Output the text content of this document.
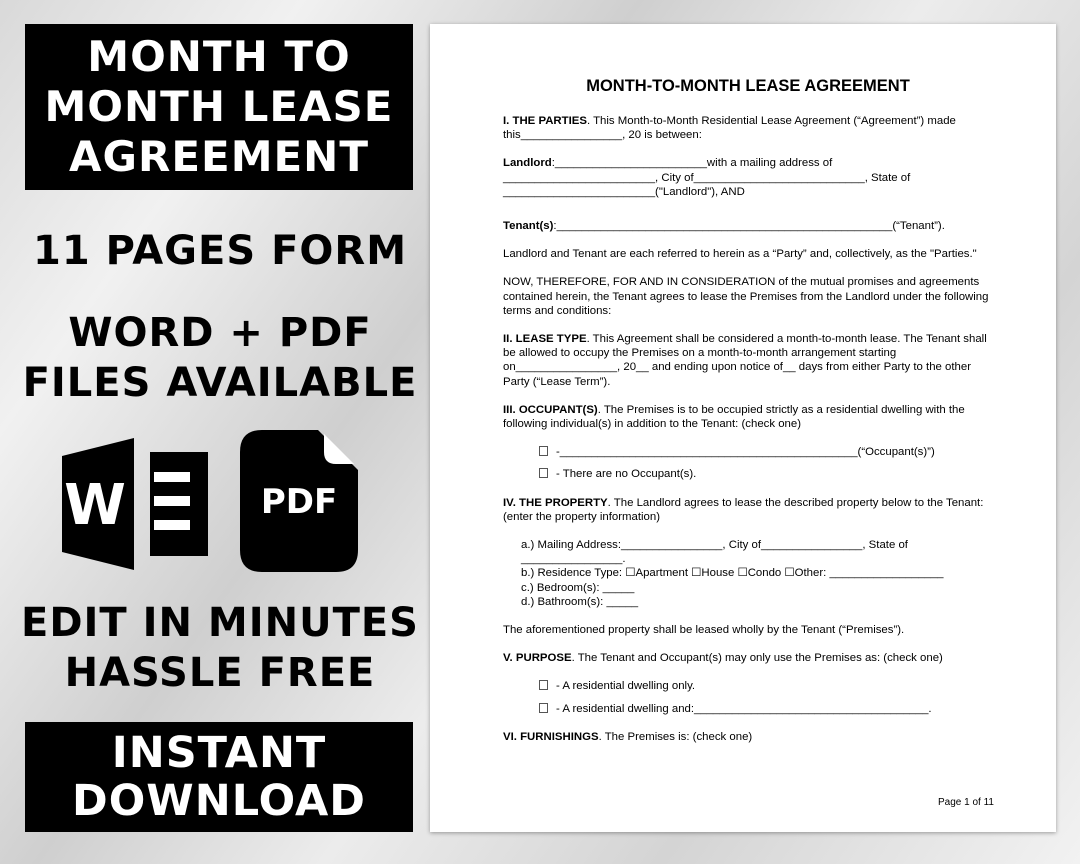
MONTH TO
MONTH LEASE
AGREEMENT
11 PAGES FORM
WORD + PDF
FILES AVAILABLE
W	PDF
EDIT IN MINUTES
HASSLE FREE
INSTANT
DOWNLOAD
MONTH-TO-MONTH LEASE AGREEMENT
I. THE PARTIES. This Month-to-Month Residential Lease Agreement (“Agreement”) made this________________, 20 is between:
Landlord:________________________with a mailing address of
________________________, City of___________________________, State of
________________________("Landlord"), AND
Tenant(s):_____________________________________________________(“Tenant”).
Landlord and Tenant are each referred to herein as a “Party” and, collectively, as the "Parties."
NOW, THEREFORE, FOR AND IN CONSIDERATION of the mutual promises and agreements contained herein, the Tenant agrees to lease the Premises from the Landlord under the following terms and conditions:
II. LEASE TYPE. This Agreement shall be considered a month-to-month lease. The Tenant shall be allowed to occupy the Premises on a month-to-month arrangement starting on________________, 20__ and ending upon notice of__ days from either Party to the other Party (“Lease Term”).
III. OCCUPANT(S). The Premises is to be occupied strictly as a residential dwelling with the following individual(s) in addition to the Tenant: (check one)
-_______________________________________________(“Occupant(s)”)
- There are no Occupant(s).
IV. THE PROPERTY. The Landlord agrees to lease the described property below to the Tenant: (enter the property information)
a.) Mailing Address:________________, City of________________, State of ________________.
b.) Residence Type: ☐Apartment ☐House ☐Condo ☐Other: __________________
c.) Bedroom(s): _____
d.) Bathroom(s): _____
The aforementioned property shall be leased wholly by the Tenant (“Premises”).
V. PURPOSE. The Tenant and Occupant(s) may only use the Premises as: (check one)
- A residential dwelling only.
- A residential dwelling and:_____________________________________.
VI. FURNISHINGS. The Premises is: (check one)
Page 1 of 11
